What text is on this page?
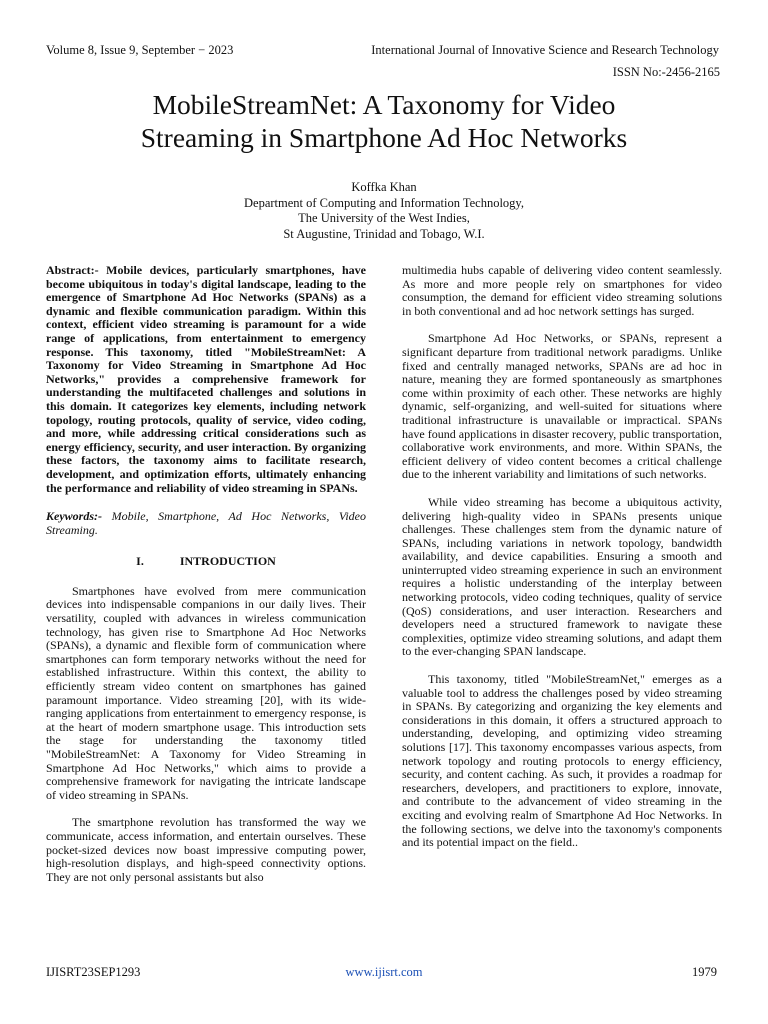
Volume 8, Issue 9, September − 2023	International Journal of Innovative Science and Research Technology
ISSN No:-2456-2165
MobileStreamNet: A Taxonomy for Video
Streaming in Smartphone Ad Hoc Networks
Koffka Khan
Department of Computing and Information Technology,
The University of the West Indies,
St Augustine, Trinidad and Tobago, W.I.

Abstract:- Mobile devices, particularly smartphones, have become ubiquitous in today's digital landscape, leading to the emergence of Smartphone Ad Hoc Networks (SPANs) as a dynamic and flexible communication paradigm. Within this context, efficient video streaming is paramount for a wide range of applications, from entertainment to emergency response. This taxonomy, titled "MobileStreamNet: A Taxonomy for Video Streaming in Smartphone Ad Hoc Networks," provides a comprehensive framework for understanding the multifaceted challenges and solutions in this domain. It categorizes key elements, including network topology, routing protocols, quality of service, video coding, and more, while addressing critical considerations such as energy efficiency, security, and user interaction. By organizing these factors, the taxonomy aims to facilitate research, development, and optimization efforts, ultimately enhancing the performance and reliability of video streaming in SPANs.

Keywords:- Mobile, Smartphone, Ad Hoc Networks, Video Streaming.

I.	INTRODUCTION

Smartphones have evolved from mere communication devices into indispensable companions in our daily lives. Their versatility, coupled with advances in wireless communication technology, has given rise to Smartphone Ad Hoc Networks (SPANs), a dynamic and flexible form of communication where smartphones can form temporary networks without the need for established infrastructure. Within this context, the ability to efficiently stream video content on smartphones has gained paramount importance. Video streaming [20], with its wide-ranging applications from entertainment to emergency response, is at the heart of modern smartphone usage. This introduction sets the stage for understanding the taxonomy titled "MobileStreamNet: A Taxonomy for Video Streaming in Smartphone Ad Hoc Networks," which aims to provide a comprehensive framework for navigating the intricate landscape of video streaming in SPANs.

The smartphone revolution has transformed the way we communicate, access information, and entertain ourselves. These pocket-sized devices now boast impressive computing power, high-resolution displays, and high-speed connectivity options. They are not only personal assistants but also

multimedia hubs capable of delivering video content seamlessly. As more and more people rely on smartphones for video consumption, the demand for efficient video streaming solutions in both conventional and ad hoc network settings has surged.

Smartphone Ad Hoc Networks, or SPANs, represent a significant departure from traditional network paradigms. Unlike fixed and centrally managed networks, SPANs are ad hoc in nature, meaning they are formed spontaneously as smartphones come within proximity of each other. These networks are highly dynamic, self-organizing, and well-suited for situations where traditional infrastructure is unavailable or impractical. SPANs have found applications in disaster recovery, public transportation, collaborative work environments, and more. Within SPANs, the efficient delivery of video content becomes a critical challenge due to the inherent variability and limitations of such networks.

While video streaming has become a ubiquitous activity, delivering high-quality video in SPANs presents unique challenges. These challenges stem from the dynamic nature of SPANs, including variations in network topology, bandwidth availability, and device capabilities. Ensuring a smooth and uninterrupted video streaming experience in such an environment requires a holistic understanding of the interplay between networking protocols, video coding techniques, quality of service (QoS) considerations, and user interaction. Researchers and developers need a structured framework to navigate these complexities, optimize video streaming solutions, and adapt them to the ever-changing SPAN landscape.

This taxonomy, titled "MobileStreamNet," emerges as a valuable tool to address the challenges posed by video streaming in SPANs. By categorizing and organizing the key elements and considerations in this domain, it offers a structured approach to understanding, developing, and optimizing video streaming solutions [17]. This taxonomy encompasses various aspects, from network topology and routing protocols to energy efficiency, security, and content caching. As such, it provides a roadmap for researchers, developers, and practitioners to explore, innovate, and contribute to the advancement of video streaming in the exciting and evolving realm of Smartphone Ad Hoc Networks. In the following sections, we delve into the taxonomy's components and its potential impact on the field..

IJISRT23SEP1293	www.ijisrt.com	1979
